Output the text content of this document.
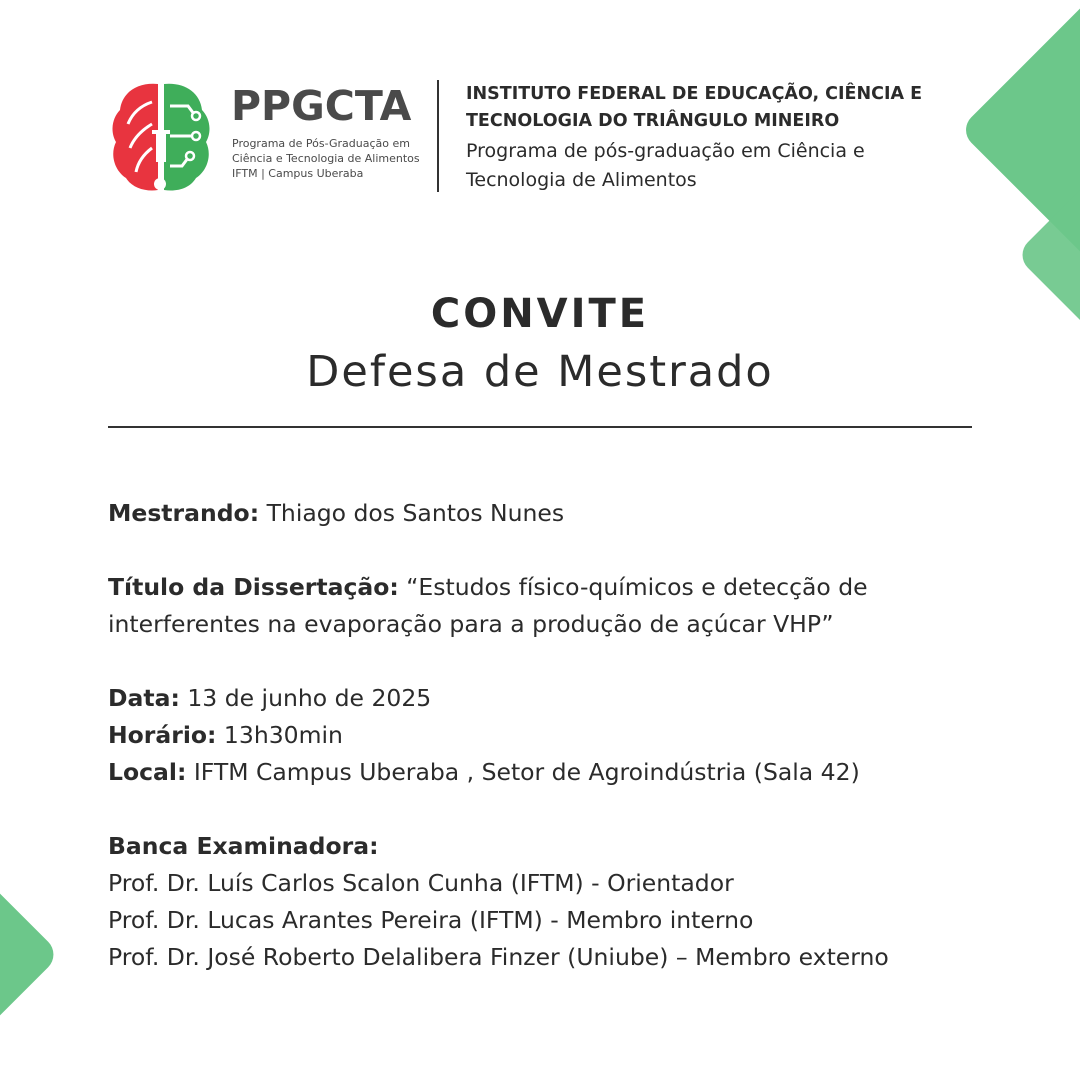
PPGCTA
Programa de Pós-Graduação em
Ciência e Tecnologia de Alimentos
IFTM | Campus Uberaba
INSTITUTO FEDERAL DE EDUCAÇÃO, CIÊNCIA E
TECNOLOGIA DO TRIÂNGULO MINEIRO
Programa de pós-graduação em Ciência e
Tecnologia de Alimentos
CONVITE
Defesa de Mestrado
Mestrando: Thiago dos Santos Nunes
Título da Dissertação: “Estudos físico-químicos e detecção de interferentes na evaporação para a produção de açúcar VHP”
Data: 13 de junho de 2025
Horário: 13h30min
Local: IFTM Campus Uberaba , Setor de Agroindústria (Sala 42)
Banca Examinadora:
Prof. Dr. Luís Carlos Scalon Cunha (IFTM) - Orientador
Prof. Dr. Lucas Arantes Pereira (IFTM) - Membro interno
Prof. Dr. José Roberto Delalibera Finzer (Uniube) – Membro externo
